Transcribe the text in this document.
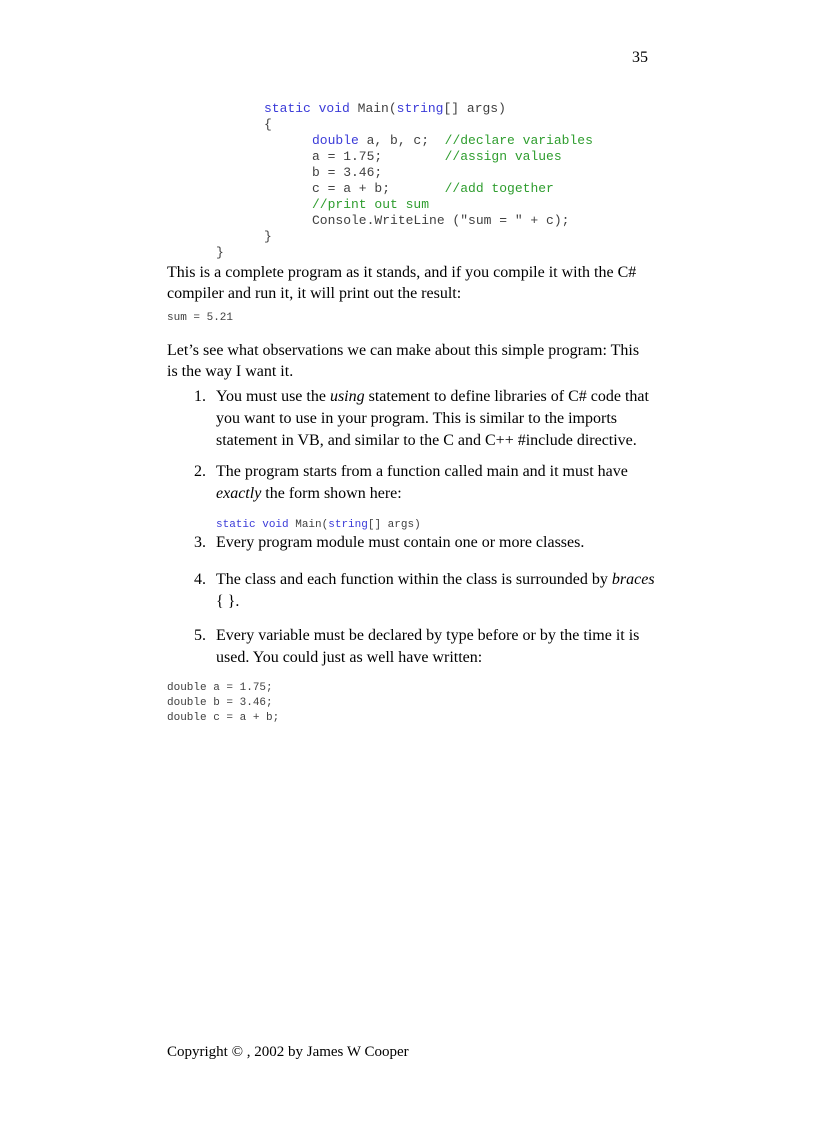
35
static void Main(string[] args)
{
double a, b, c;  //declare variables
a = 1.75;        //assign values
b = 3.46;
c = a + b;       //add together
//print out sum
Console.WriteLine ("sum = " + c);
}
}
This is a complete program as it stands, and if you compile it with the C# compiler and run it, it will print out the result:
sum = 5.21
Let’s see what observations we can make about this simple program: This is the way I want it.
1. You must use the using statement to define libraries of C# code that you want to use in your program. This is similar to the imports statement in VB, and similar to the C and C++ #include directive.
2. The program starts from a function called main and it must have exactly the form shown here:
static void Main(string[] args)
3. Every program module must contain one or more classes.
4. The class and each function within the class is surrounded by braces { }.
5. Every variable must be declared by type before or by the time it is used. You could just as well have written:
double a = 1.75;
double b = 3.46;
double c = a + b;
Copyright © , 2002 by James W Cooper
